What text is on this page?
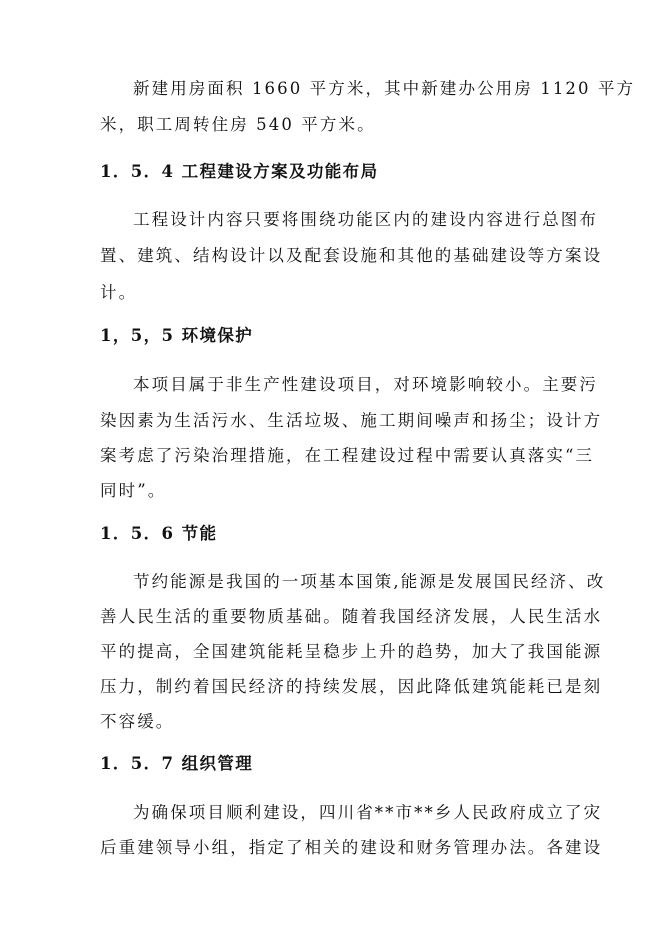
新建用房面积 1660 平方米，其中新建办公用房 1120 平方
米，职工周转住房 540 平方米。
1．5．4 工程建设方案及功能布局
工程设计内容只要将围绕功能区内的建设内容进行总图布
置、建筑、结构设计以及配套设施和其他的基础建设等方案设
计。
1，5，5 环境保护
本项目属于非生产性建设项目，对环境影响较小。主要污
染因素为生活污水、生活垃圾、施工期间噪声和扬尘；设计方
案考虑了污染治理措施，在工程建设过程中需要认真落实“三
同时”。
1．5．6 节能
节约能源是我国的一项基本国策,能源是发展国民经济、改
善人民生活的重要物质基础。随着我国经济发展，人民生活水
平的提高，全国建筑能耗呈稳步上升的趋势，加大了我国能源
压力，制约着国民经济的持续发展，因此降低建筑能耗已是刻
不容缓。
1．5．7 组织管理
为确保项目顺利建设，四川省**市**乡人民政府成立了灾
后重建领导小组，指定了相关的建设和财务管理办法。各建设
